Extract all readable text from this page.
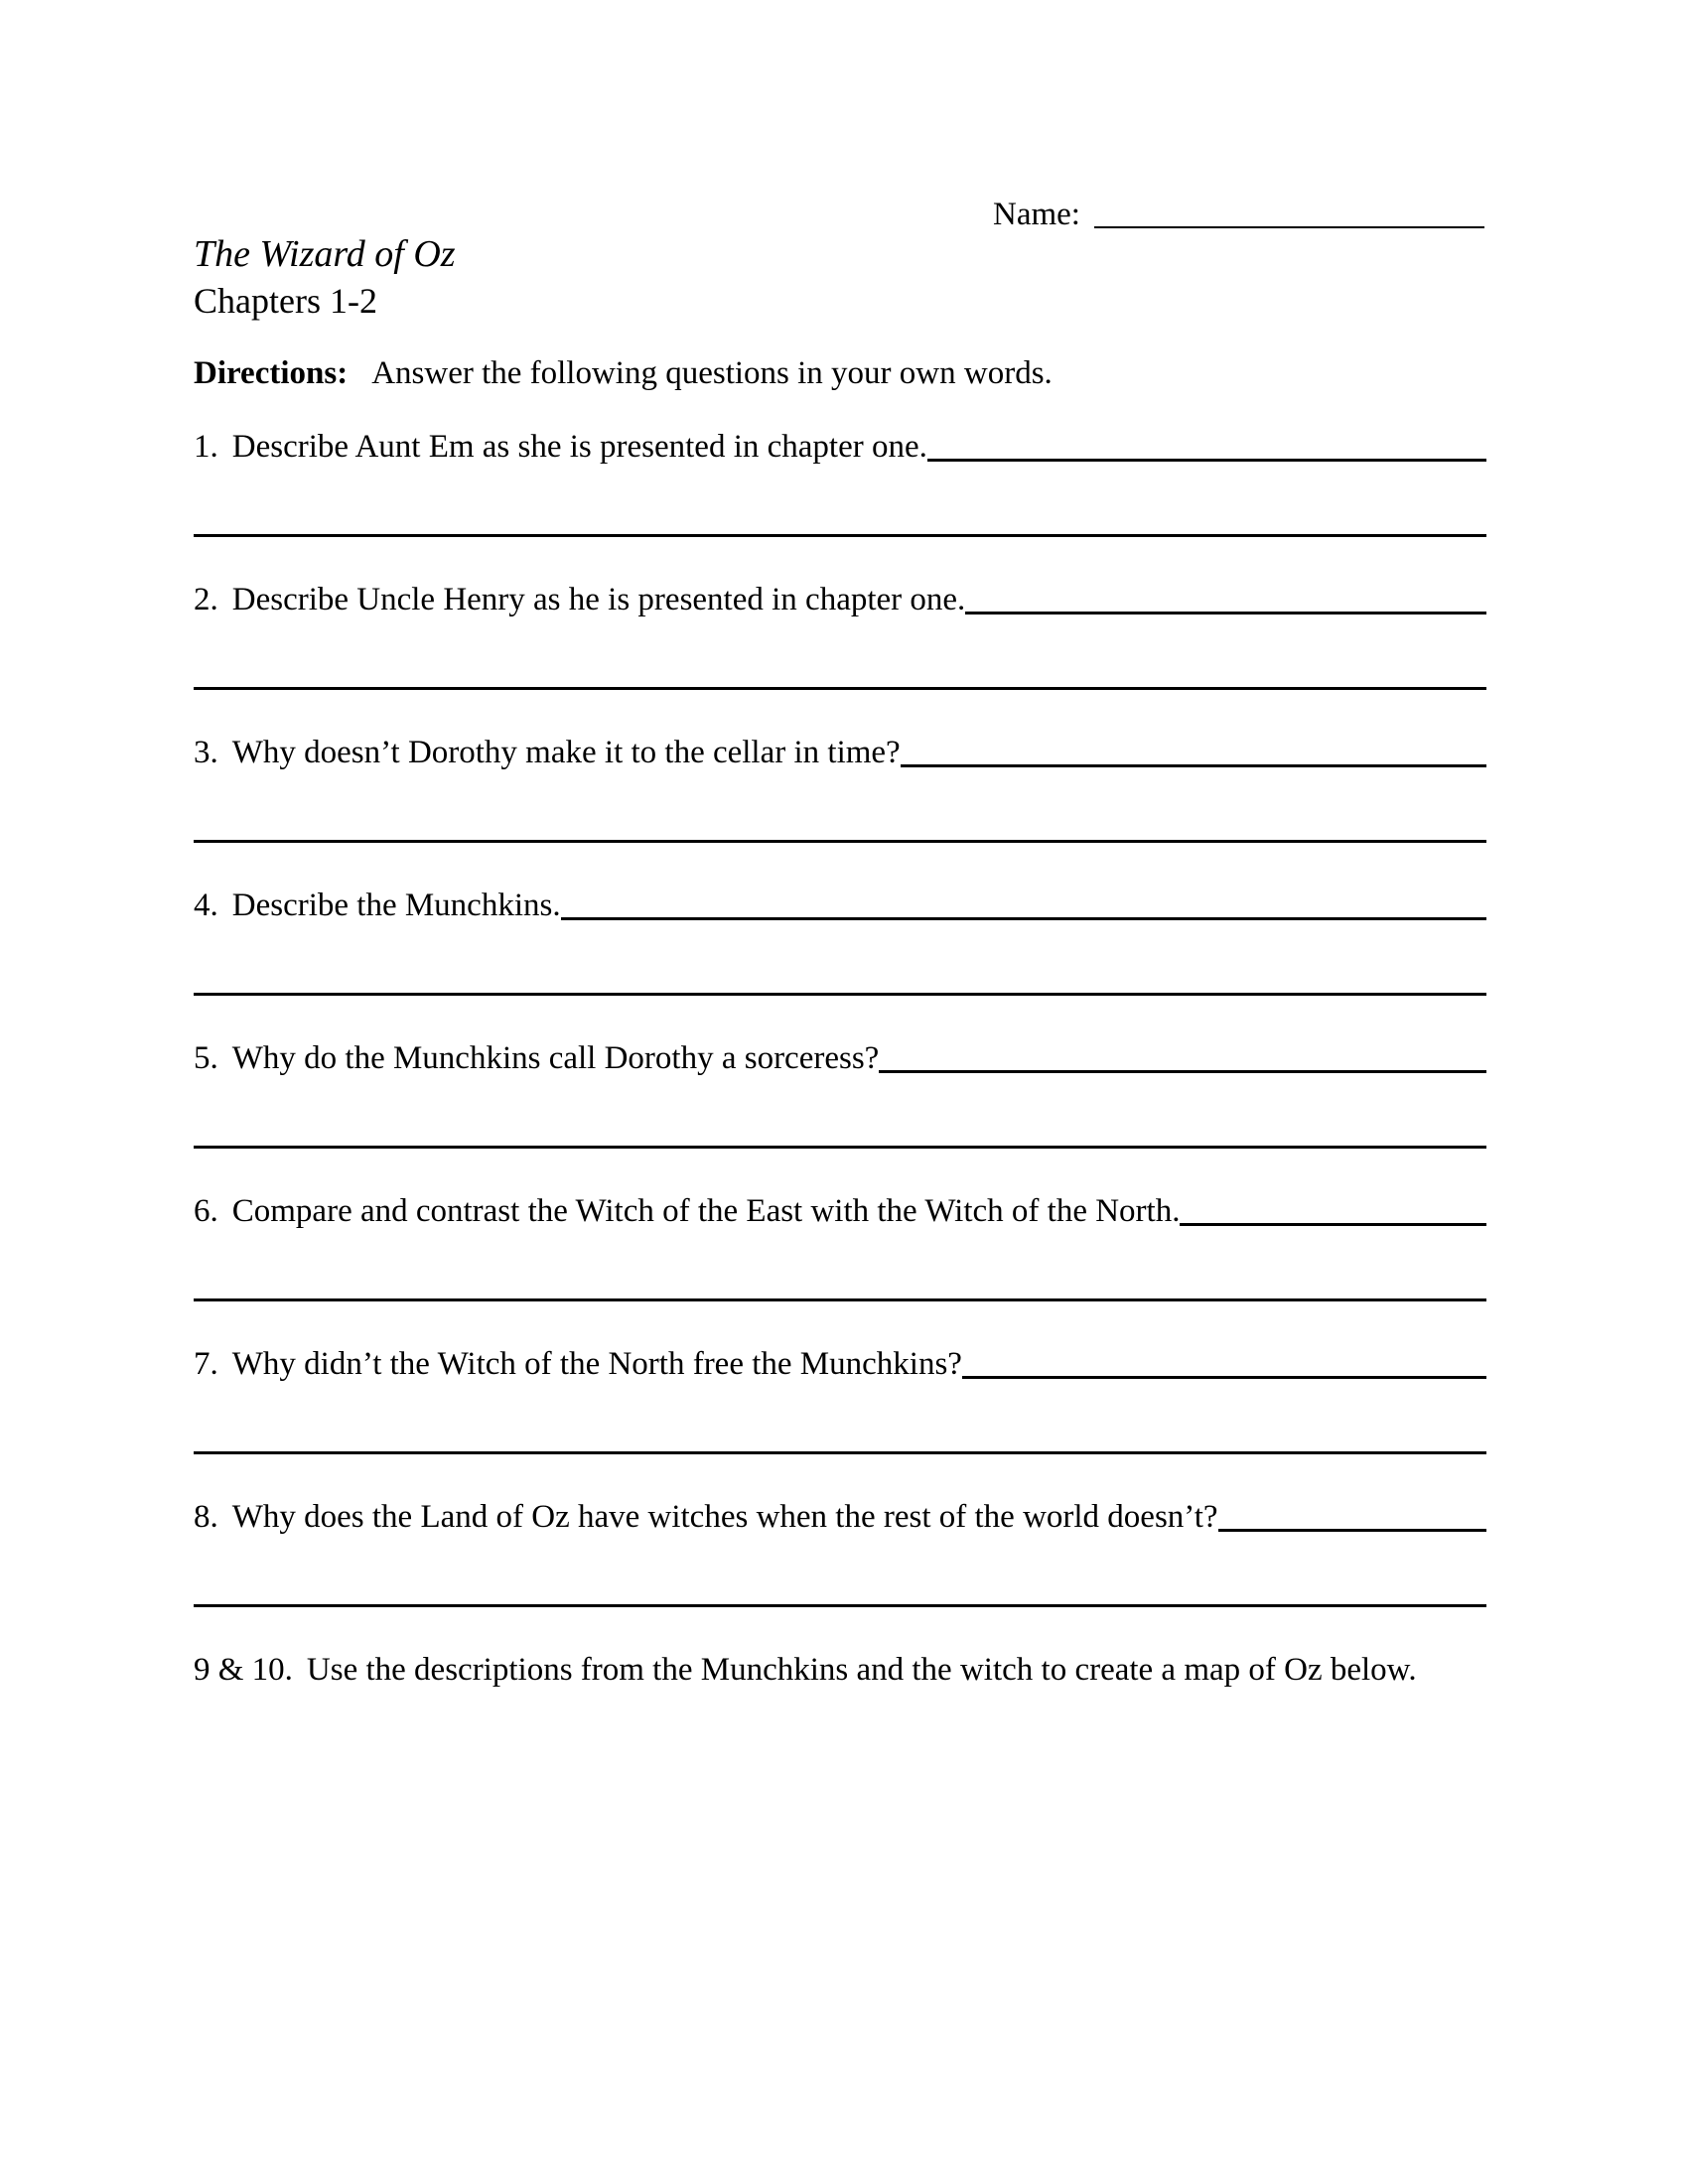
Name:
The Wizard of Oz
Chapters 1-2
Directions: Answer the following questions in your own words.
1. Describe Aunt Em as she is presented in chapter one.
2. Describe Uncle Henry as he is presented in chapter one.
3. Why doesn’t Dorothy make it to the cellar in time?
4. Describe the Munchkins.
5. Why do the Munchkins call Dorothy a sorceress?
6. Compare and contrast the Witch of the East with the Witch of the North.
7. Why didn’t the Witch of the North free the Munchkins?
8. Why does the Land of Oz have witches when the rest of the world doesn’t?
9 & 10. Use the descriptions from the Munchkins and the witch to create a map of Oz below.
